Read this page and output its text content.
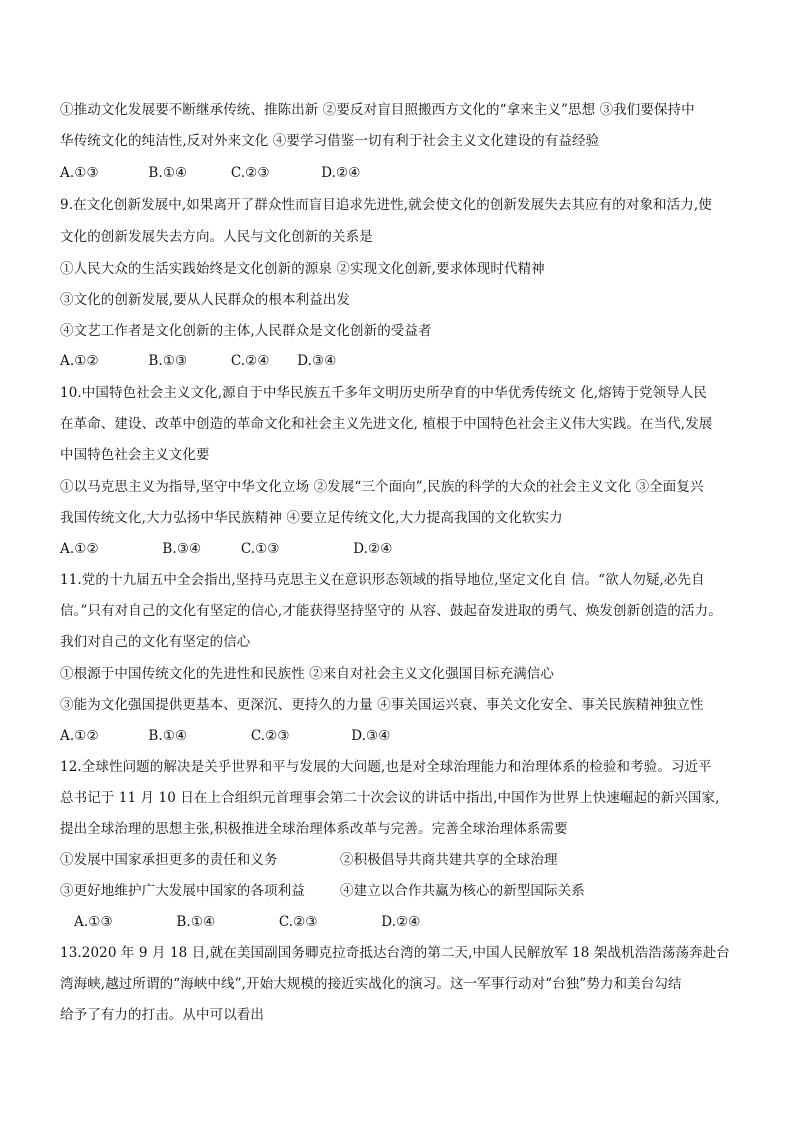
①推动文化发展要不断继承传统、推陈出新 ②要反对盲目照搬西方文化的“拿来主义”思想 ③我们要保持中
华传统文化的纯洁性,反对外来文化 ④要学习借鉴一切有利于社会主义文化建设的有益经验
A.①③	B.①④	C.②③	D.②④
9.在文化创新发展中,如果离开了群众性而盲目追求先进性,就会使文化的创新发展失去其应有的对象和活力,使
文化的创新发展失去方向。人民与文化创新的关系是
①人民大众的生活实践始终是文化创新的源泉 ②实现文化创新,要求体现时代精神
③文化的创新发展,要从人民群众的根本利益出发
④文艺工作者是文化创新的主体,人民群众是文化创新的受益者
A.①②	B.①③	C.②④ D.③④
10.中国特色社会主义文化,源自于中华民族五千多年文明历史所孕育的中华优秀传统文 化,熔铸于党领导人民
在革命、建设、改革中创造的革命文化和社会主义先进文化, 植根于中国特色社会主义伟大实践。在当代,发展
中国特色社会主义文化要
①以马克思主义为指导,坚守中华文化立场 ②发展“三个面向”,民族的科学的大众的社会主义文化 ③全面复兴
我国传统文化,大力弘扬中华民族精神 ④要立足传统文化,大力提高我国的文化软实力
A.①②	B.③④	C.①③	D.②④
11.党的十九届五中全会指出,坚持马克思主义在意识形态领域的指导地位,坚定文化自 信。“欲人勿疑,必先自
信。”只有对自己的文化有坚定的信心,才能获得坚持坚守的 从容、鼓起奋发进取的勇气、焕发创新创造的活力。
我们对自己的文化有坚定的信心
①根源于中国传统文化的先进性和民族性 ②来自对社会主义文化强国目标充满信心
③能为文化强国提供更基本、更深沉、更持久的力量 ④事关国运兴衰、事关文化安全、事关民族精神独立性
A.①②	B.①④	C.②③	D.③④
12.全球性问题的解决是关乎世界和平与发展的大问题,也是对全球治理能力和治理体系的检验和考验。习近平
总书记于 11 月 10 日在上合组织元首理事会第二十次会议的讲话中指出,中国作为世界上快速崛起的新兴国家,
提出全球治理的思想主张,积极推进全球治理体系改革与完善。完善全球治理体系需要
①发展中国家承担更多的责任和义务	②积极倡导共商共建共享的全球治理
③更好地维护广大发展中国家的各项利益	④建立以合作共赢为核心的新型国际关系
A.①③	B.①④	C.②③	D.②④
13.2020 年 9 月 18 日,就在美国副国务卿克拉奇抵达台湾的第二天,中国人民解放军 18 架战机浩浩荡荡奔赴台
湾海峡,越过所谓的“海峡中线”,开始大规模的接近实战化的演习。这一军事行动对“台独”势力和美台勾结
给予了有力的打击。从中可以看出
